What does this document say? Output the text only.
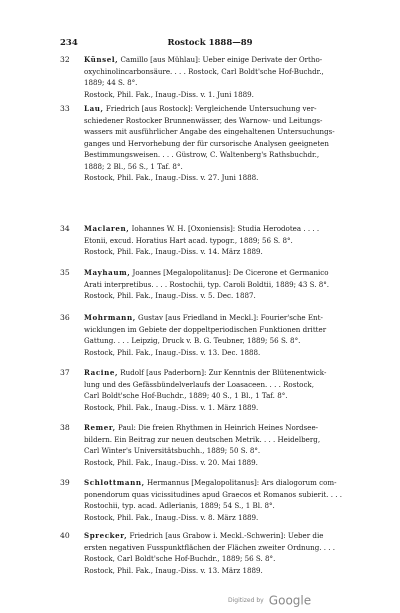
234	Rostock 1888—89
32 Künsel, Camillo [aus Mühlau]: Ueber einige Derivate der Ortho-

oxychinolincarbonsäure. . . . Rostock, Carl Boldt'sche Hof-Buchdr.,

1889; 44 S. 8°.

Rostock, Phil. Fak., Inaug.-Diss. v. 1. Juni 1889.

33 Lau, Friedrich [aus Rostock]: Vergleichende Untersuchung ver-

schiedener Rostocker Brunnenwässer, des Warnow- und Leitungs-

wassers mit ausführlicher Angabe des eingehaltenen Untersuchungs-

ganges und Hervorhebung der für cursorische Analysen geeigneten

Bestimmungsweisen. . . . Güstrow, C. Waltenberg's Rathsbuchdr.,

1888; 2 Bl., 56 S., 1 Taf. 8°.

Rostock, Phil. Fak., Inaug.-Diss. v. 27. Juni 1888.

34 Maclaren, Iohannes W. H. [Oxoniensis]: Studia Herodotea . . . .

Etonii, excud. Horatius Hart acad. typogr., 1889; 56 S. 8°.

Rostock, Phil. Fak., Inaug.-Diss. v. 14. März 1889.

35 Mayhaum, Joannes [Megalopolitanus]: De Cicerone et Germanico

Arati interpretibus. . . . Rostochii, typ. Caroli Boldtii, 1889; 43 S. 8°.

Rostock, Phil. Fak., Inaug.-Diss. v. 5. Dec. 1887.

36 Mohrmann, Gustav [aus Friedland in Meckl.]: Fourier'sche Ent-

wicklungen im Gebiete der doppeltperiodischen Funktionen dritter

Gattung. . . . Leipzig, Druck v. B. G. Teubner, 1889; 56 S. 8°.

Rostock, Phil. Fak., Inaug.-Diss. v. 13. Dec. 1888.

37 Racine, Rudolf [aus Paderborn]: Zur Kenntnis der Blütenentwick-

lung und des Gefässbündelverlaufs der Loasaceen. . . . Rostock,

Carl Boldt'sche Hof-Buchdr., 1889; 40 S., 1 Bl., 1 Taf. 8°.

Rostock, Phil. Fak., Inaug.-Diss. v. 1. März 1889.

38 Remer, Paul: Die freien Rhythmen in Heinrich Heines Nordsee-

bildern. Ein Beitrag zur neuen deutschen Metrik. . . . Heidelberg,

Carl Winter's Universitätsbuchh., 1889; 50 S. 8°.

Rostock, Phil. Fak., Inaug.-Diss. v. 20. Mai 1889.

39 Schlottmann, Hermannus [Megalopolitanus]: Ars dialogorum com-

ponendorum quas vicissitudines apud Graecos et Romanos subierit. . . .

Rostochii, typ. acad. Adlerianis, 1889; 54 S., 1 Bl. 8°.

Rostock, Phil. Fak., Inaug.-Diss. v. 8. März 1889.

40 Sprecker, Friedrich [aus Grabow i. Meckl.-Schwerin]: Ueber die

ersten negativen Fusspunktflächen der Flächen zweiter Ordnung. . . .

Rostock, Carl Boldt'sche Hof-Buchdr., 1889; 56 S. 8°.

Rostock, Phil. Fak., Inaug.-Diss. v. 13. März 1889.

Digitized by Google
